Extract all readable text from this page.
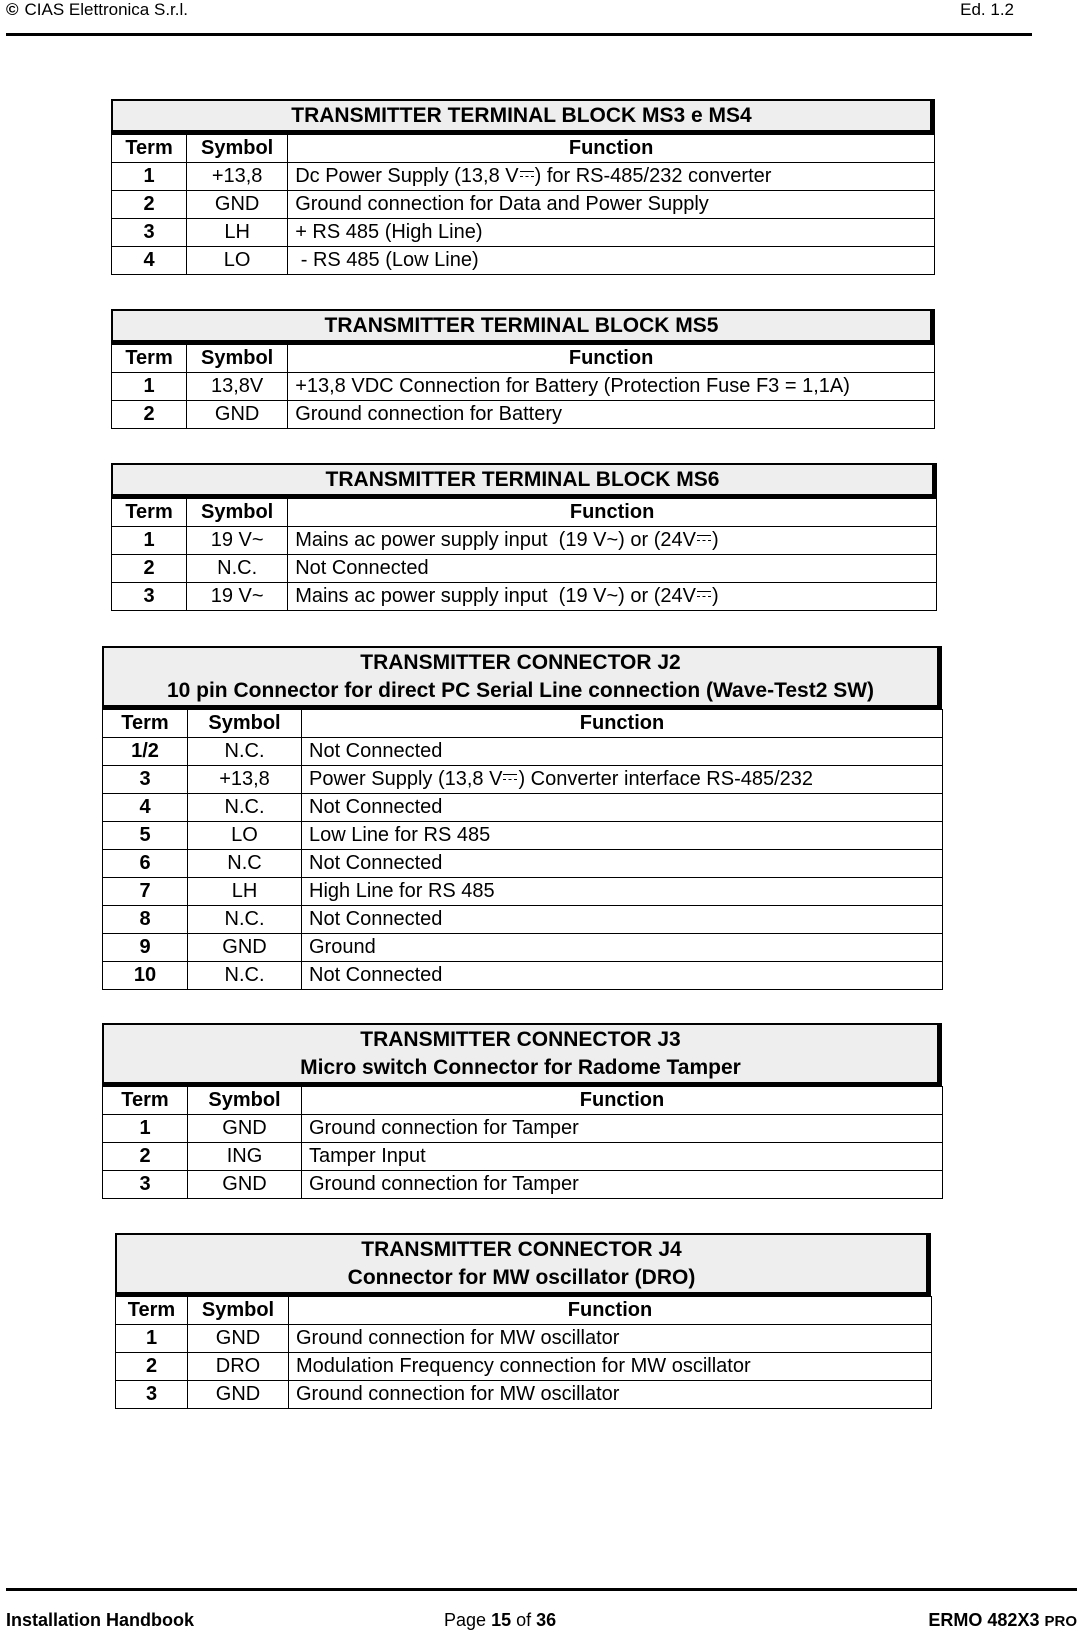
© CIAS Elettronica S.r.l.	Ed. 1.2
TRANSMITTER TERMINAL BLOCK MS3 e MS4
Term	Symbol	Function
1	+13,8	Dc Power Supply (13,8 V ) for RS-485/232 converter
2	GND	Ground connection for Data and Power Supply
3	LH	+ RS 485 (High Line)
4	LO	- RS 485 (Low Line)
TRANSMITTER TERMINAL BLOCK MS5
Term	Symbol	Function
1	13,8V	+13,8 VDC Connection for Battery (Protection Fuse F3 = 1,1A)
2	GND	Ground connection for Battery
TRANSMITTER TERMINAL BLOCK MS6
Term	Symbol	Function
1	19 V~	Mains ac power supply input  (19 V~) or (24V )
2	N.C.	Not Connected
3	19 V~	Mains ac power supply input  (19 V~) or (24V )
TRANSMITTER CONNECTOR J2
10 pin Connector for direct PC Serial Line connection (Wave-Test2 SW)
Term	Symbol	Function
1/2	N.C.	Not Connected
3	+13,8	Power Supply (13,8 V ) Converter interface RS-485/232
4	N.C.	Not Connected
5	LO	Low Line for RS 485
6	N.C	Not Connected
7	LH	High Line for RS 485
8	N.C.	Not Connected
9	GND	Ground
10	N.C.	Not Connected
TRANSMITTER CONNECTOR J3
Micro switch Connector for Radome Tamper
Term	Symbol	Function
1	GND	Ground connection for Tamper
2	ING	Tamper Input
3	GND	Ground connection for Tamper
TRANSMITTER CONNECTOR J4
Connector for MW oscillator (DRO)
Term	Symbol	Function
1	GND	Ground connection for MW oscillator
2	DRO	Modulation Frequency connection for MW oscillator
3	GND	Ground connection for MW oscillator
Installation Handbook	Page 15 of 36	ERMO 482X3 PRO
